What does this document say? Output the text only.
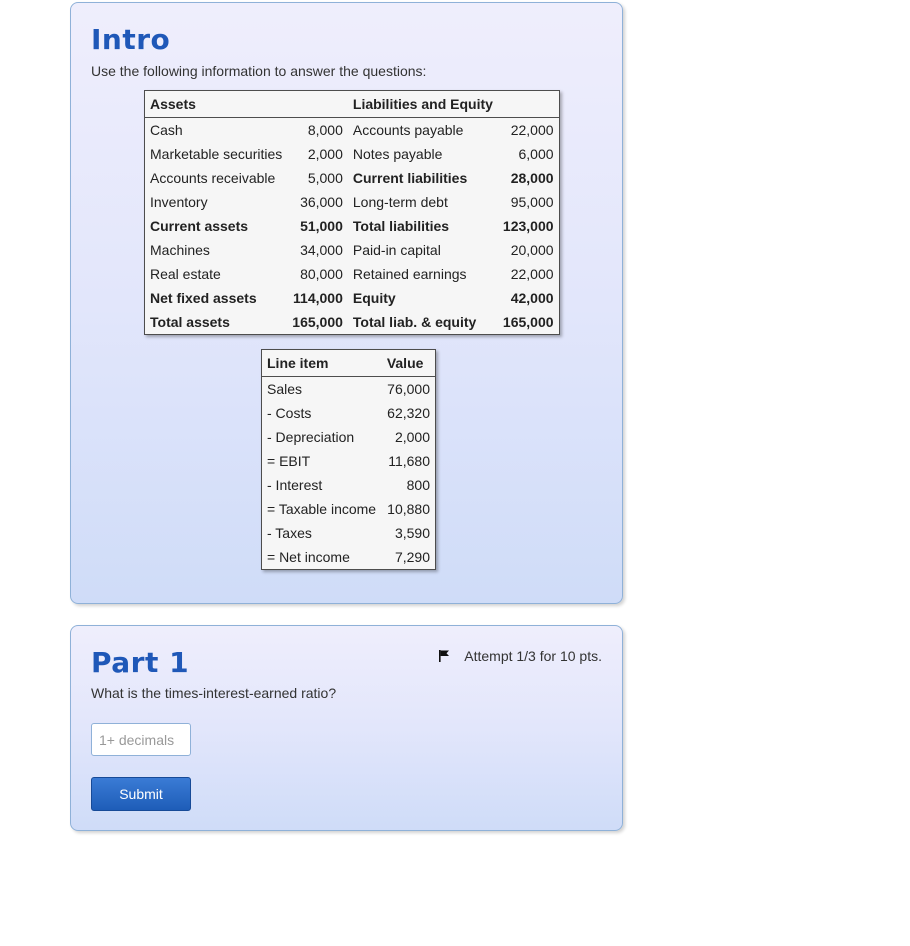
Intro

Use the following information to answer the questions:

Assets		Liabilities and Equity	
Cash	8,000	Accounts payable	22,000
Marketable securities	2,000	Notes payable	6,000
Accounts receivable	5,000	Current liabilities	28,000
Inventory	36,000	Long-term debt	95,000
Current assets	51,000	Total liabilities	123,000
Machines	34,000	Paid-in capital	20,000
Real estate	80,000	Retained earnings	22,000
Net fixed assets	114,000	Equity	42,000
Total assets	165,000	Total liab. & equity	165,000
Line item	Value
Sales	76,000
- Costs	62,320
- Depreciation	2,000
= EBIT	11,680
- Interest	800
= Taxable income	10,880
- Taxes	3,590
= Net income	7,290
Part 1	Attempt 1/3 for 10 pts.

What is the times-interest-earned ratio?

1+ decimals
Submit
